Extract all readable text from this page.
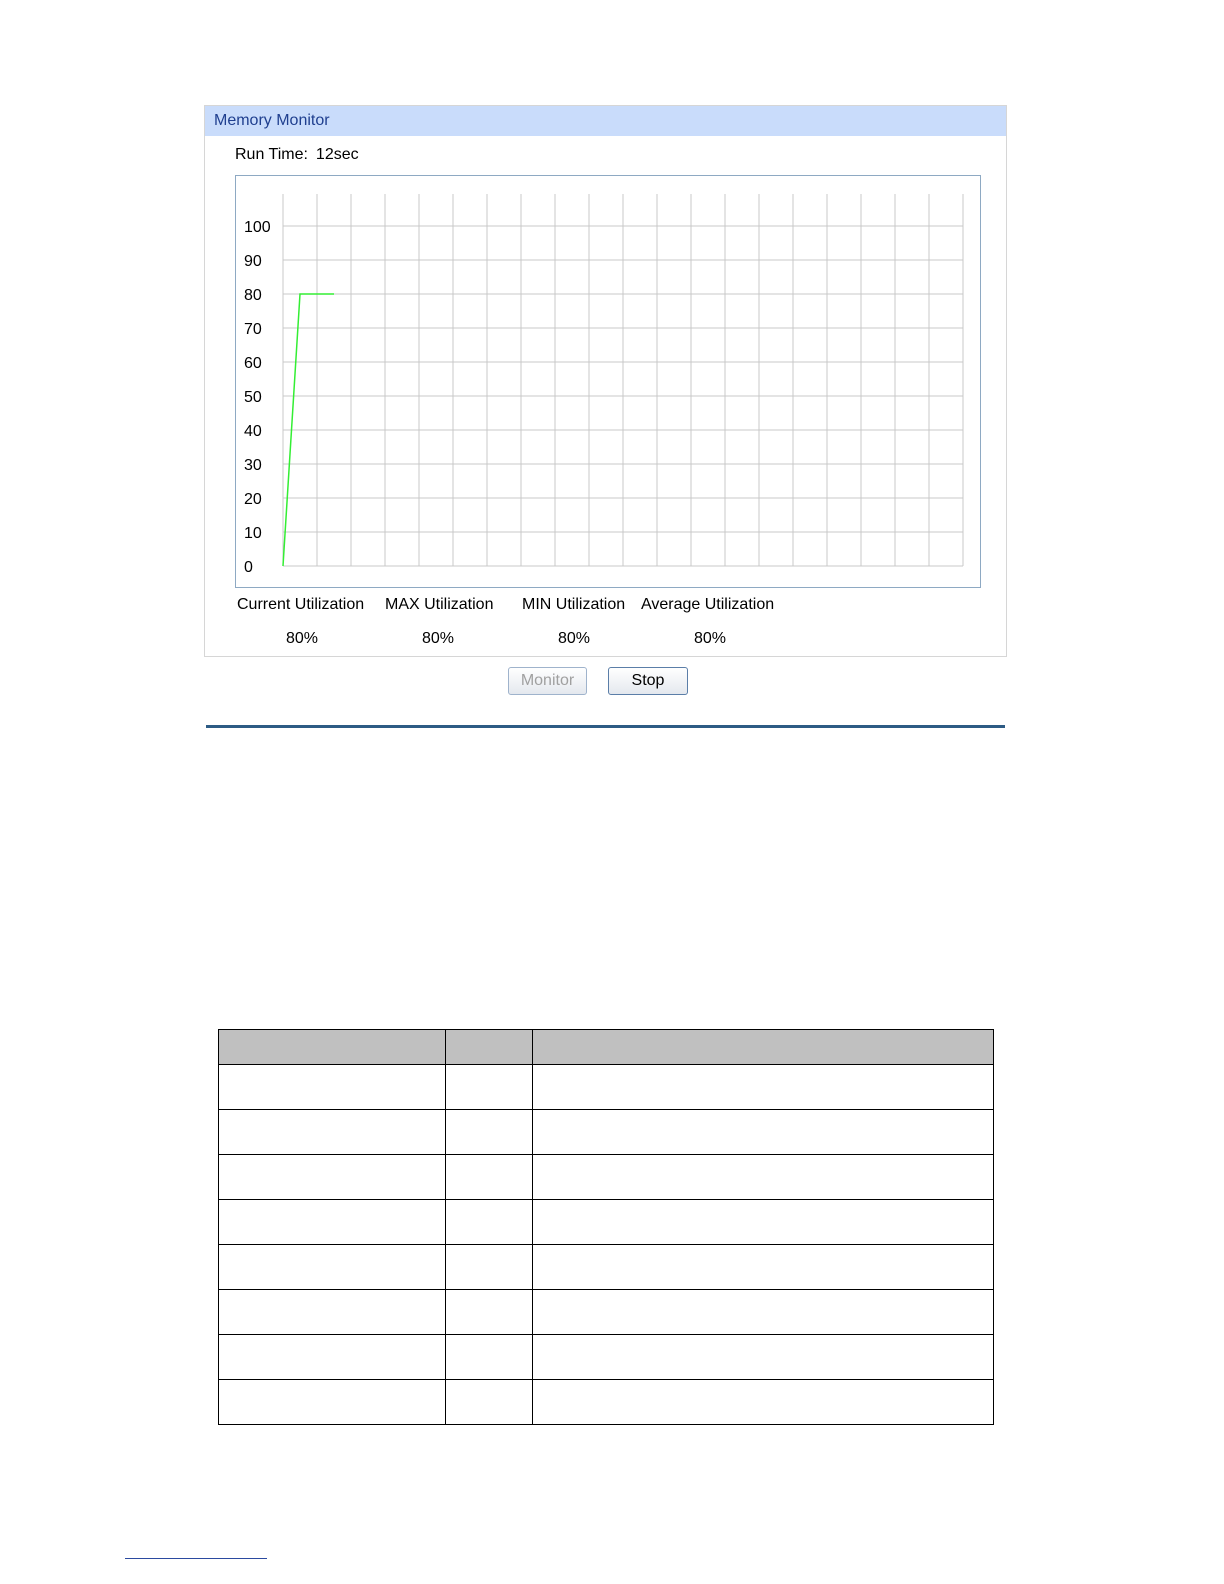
Memory Monitor
Run Time: 12sec
0
10
20
30
40
50
60
70
80
90
100
Current Utilization MAX Utilization MIN Utilization Average Utilization
80%	80%	80%	80%
Monitor	Stop
